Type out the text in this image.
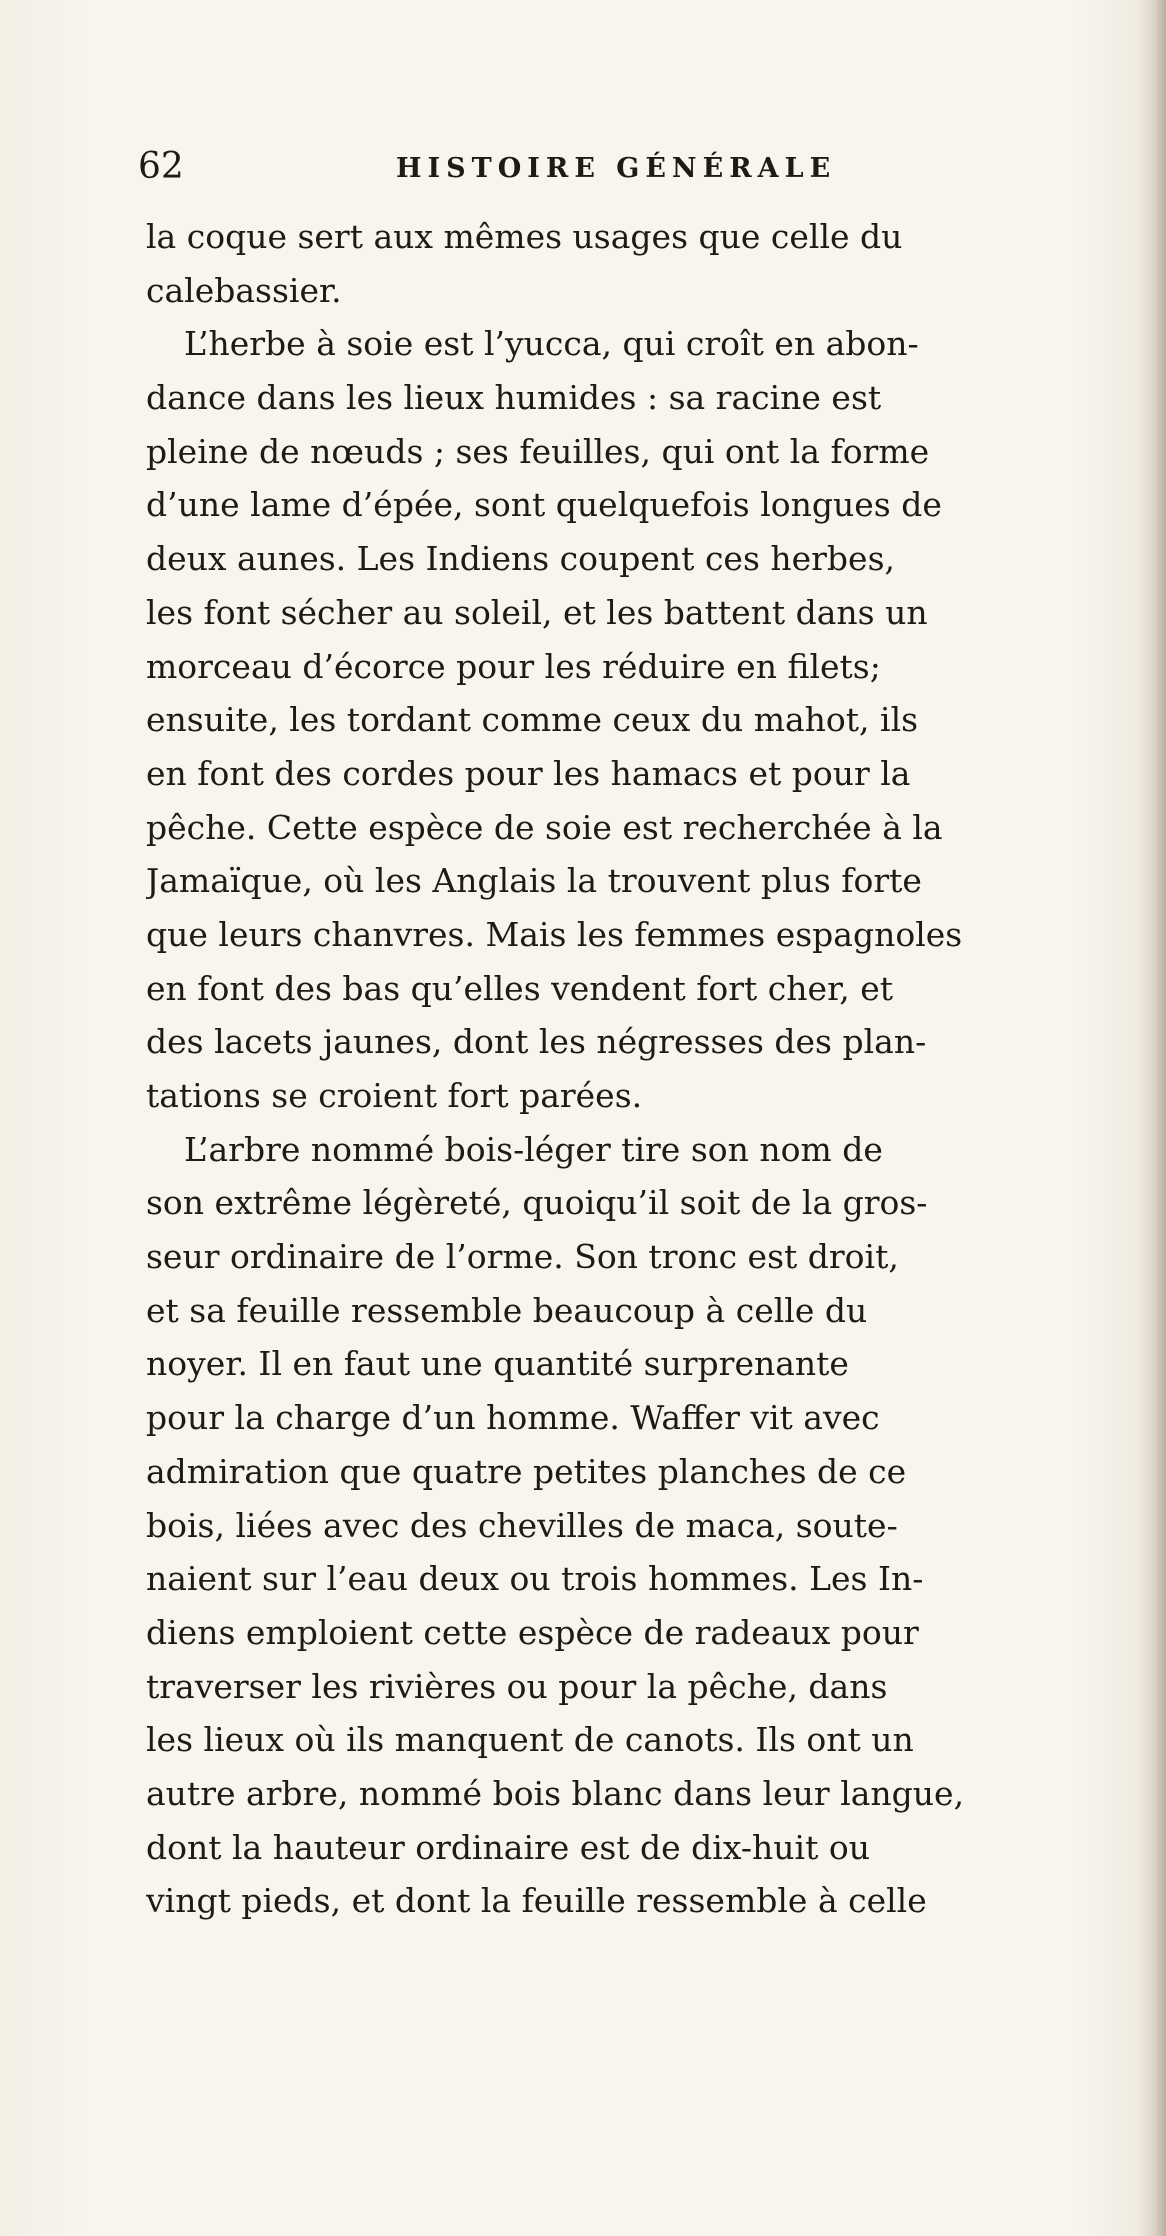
62	HISTOIRE GÉNÉRALE
la coque sert aux mêmes usages que celle du
calebassier.
L’herbe à soie est l’yucca, qui croît en abon-
dance dans les lieux humides : sa racine est
pleine de nœuds ; ses feuilles, qui ont la forme
d’une lame d’épée, sont quelquefois longues de
deux aunes. Les Indiens coupent ces herbes,
les font sécher au soleil, et les battent dans un
morceau d’écorce pour les réduire en filets;
ensuite, les tordant comme ceux du mahot, ils
en font des cordes pour les hamacs et pour la
pêche. Cette espèce de soie est recherchée à la
Jamaïque, où les Anglais la trouvent plus forte
que leurs chanvres. Mais les femmes espagnoles
en font des bas qu’elles vendent fort cher, et
des lacets jaunes, dont les négresses des plan-
tations se croient fort parées.
L’arbre nommé bois-léger tire son nom de
son extrême légèreté, quoiqu’il soit de la gros-
seur ordinaire de l’orme. Son tronc est droit,
et sa feuille ressemble beaucoup à celle du
noyer. Il en faut une quantité surprenante
pour la charge d’un homme. Waffer vit avec
admiration que quatre petites planches de ce
bois, liées avec des chevilles de maca, soute-
naient sur l’eau deux ou trois hommes. Les In-
diens emploient cette espèce de radeaux pour
traverser les rivières ou pour la pêche, dans
les lieux où ils manquent de canots. Ils ont un
autre arbre, nommé bois blanc dans leur langue,
dont la hauteur ordinaire est de dix-huit ou
vingt pieds, et dont la feuille ressemble à celle
